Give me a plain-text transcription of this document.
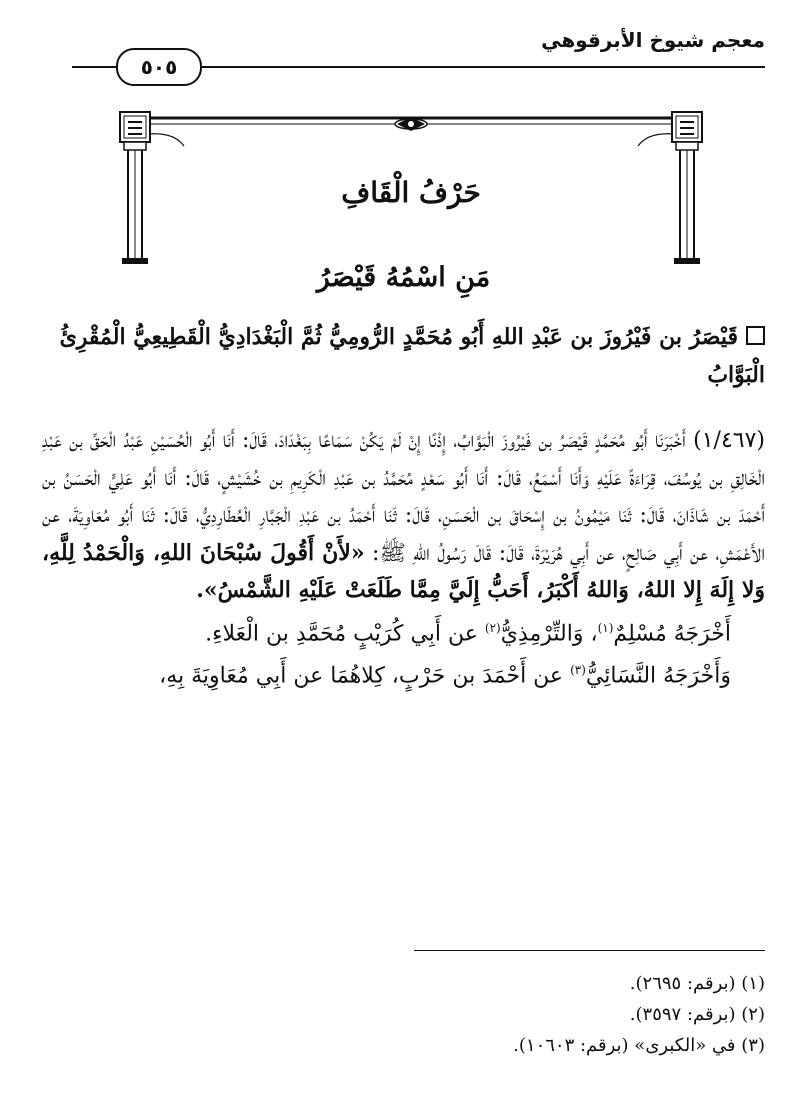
معجم شيوخ الأبرقوهي
٥٠٥
حَرْفُ الْقَافِ
مَنِ اسْمُهُ قَيْصَرُ
قَيْصَرُ بن فَيْرُوزَ بن عَبْدِ اللهِ أَبُو مُحَمَّدٍ الرُّومِيُّ ثُمَّ الْبَغْدَادِيُّ الْقَطِيعِيُّ الْمُقْرِئُ الْبَوَّابُ

(١/٤٦٧) أَخْبَرَنَا أَبُو مُحَمَّدٍ قَيْصَرُ بن فَيْرُوزَ الْبَوَّابُ، إِذْنًا إِنْ لَمْ يَكُنْ سَمَاعًا بِبَغْدَادَ، قَالَ: أَنَا أَبُو الْحُسَيْنِ عَبْدُ الْحَقِّ بن عَبْدِ الْخَالِقِ بن يُوسُفَ، قِرَاءَةً عَلَيْهِ وَأَنَا أَسْمَعُ، قَالَ: أَنَا أَبُو سَعْدٍ مُحَمَّدُ بن عَبْدِ الْكَرِيمِ بن خُشَيْشٍ، قَالَ: أَنَا أَبُو عَلِيٍّ الْحَسَنُ بن أَحْمَدَ بن شَاذَانَ، قَالَ: ثَنَا مَيْمُونُ بن إِسْحَاقَ بن الْحَسَنِ، قَالَ: ثَنَا أَحْمَدُ بن عَبْدِ الْجَبَّارِ الْعُطَارِدِيُّ، قَالَ: ثَنَا أَبُو مُعَاوِيَةَ، عن الأَعْمَشِ، عن أَبِي صَالِحٍ، عن أَبِي هُرَيْرَةَ، قَالَ: قَالَ رَسُولُ اللهِ ﷺ: «لأَنْ أَقُولَ سُبْحَانَ اللهِ، وَالْحَمْدُ لِلَّهِ، وَلا إِلَهَ إِلا اللهُ، وَاللهُ أَكْبَرُ، أَحَبُّ إِلَيَّ مِمَّا طَلَعَتْ عَلَيْهِ الشَّمْسُ».

أَخْرَجَهُ مُسْلِمٌ$^{(١)}$، وَالتِّرْمِذِيُّ$^{(٢)}$ عن أَبِي كُرَيْبٍ مُحَمَّدِ بن الْعَلاءِ.

وَأَخْرَجَهُ النَّسَائِيُّ$^{(٣)}$ عن أَحْمَدَ بن حَرْبٍ، كِلاهُمَا عن أَبِي مُعَاوِيَةَ بِهِ،

(١) (برقم: ٢٦٩٥).
(٢) (برقم: ٣٥٩٧).
(٣) في «الكبرى» (برقم: ١٠٦٠٣).
